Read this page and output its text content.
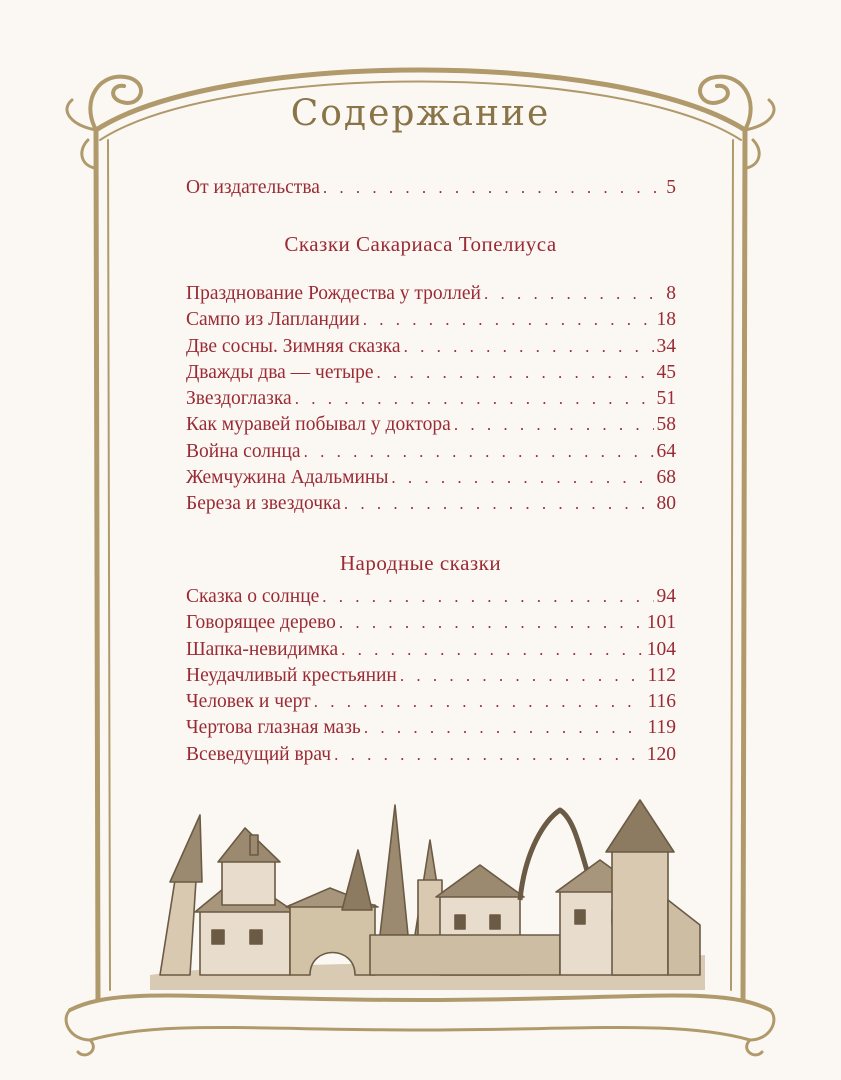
Содержание
От издательства . . .	5
Сказки Сакариаса Топелиуса
Празднование Рождества у троллей . . .	8
Сампо из Лапландии . . .	18
Две сосны. Зимняя сказка . . .	34
Дважды два — четыре . . .	45
Звездоглазка . . .	51
Как муравей побывал у доктора . . .	58
Война солнца . . .	64
Жемчужина Адальмины . . .	68
Береза и звездочка . . .	80
Народные сказки
Сказка о солнце . . .	94
Говорящее дерево . . .	101
Шапка-невидимка . . .	104
Неудачливый крестьянин . . .	112
Человек и черт . . .	116
Чертова глазная мазь . . .	119
Всеведущий врач . . .	120
